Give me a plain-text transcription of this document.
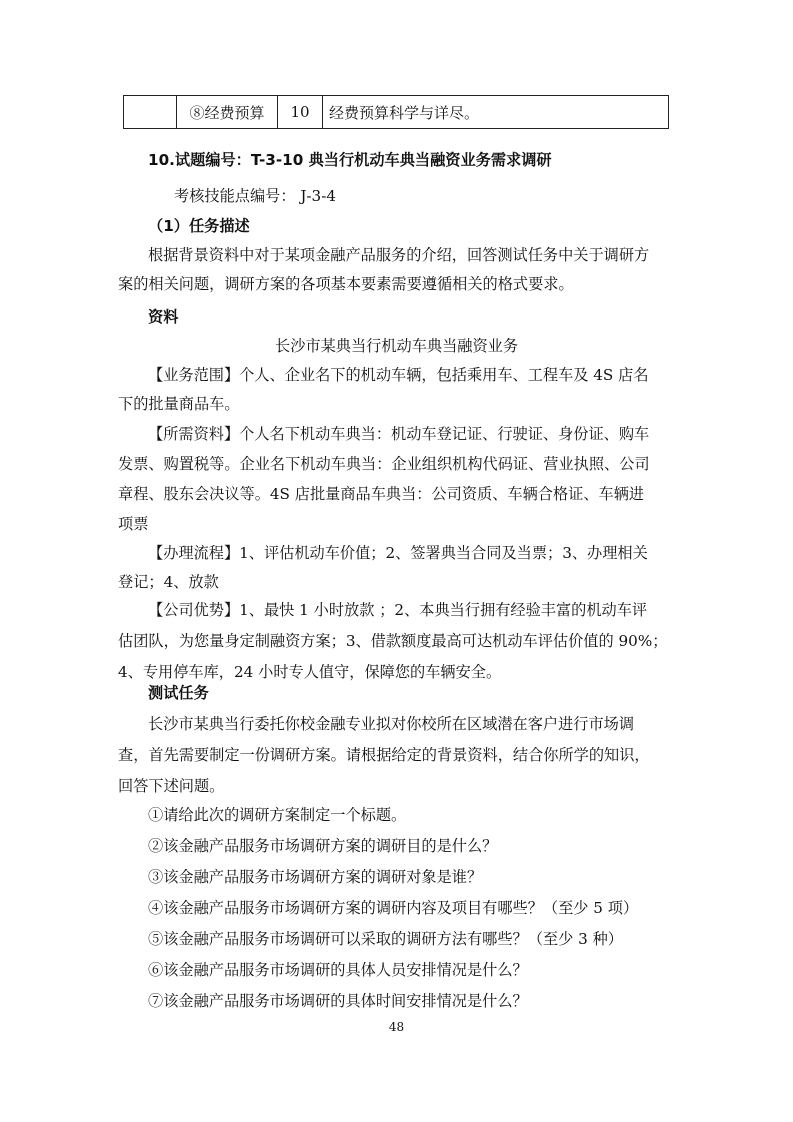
	⑧经费预算	10	经费预算科学与详尽。
10.试题编号：T-3-10 典当行机动车典当融资业务需求调研
考核技能点编号： J-3-4
（1）任务描述
根据背景资料中对于某项金融产品服务的介绍，回答测试任务中关于调研方
案的相关问题，调研方案的各项基本要素需要遵循相关的格式要求。
资料
长沙市某典当行机动车典当融资业务
【业务范围】个人、企业名下的机动车辆，包括乘用车、工程车及 4S 店名
下的批量商品车。
【所需资料】个人名下机动车典当：机动车登记证、行驶证、身份证、购车
发票、购置税等。企业名下机动车典当：企业组织机构代码证、营业执照、公司
章程、股东会决议等。4S 店批量商品车典当：公司资质、车辆合格证、车辆进
项票
【办理流程】1、评估机动车价值；2、签署典当合同及当票；3、办理相关
登记；4、放款
【公司优势】1、最快 1 小时放款 ；2、本典当行拥有经验丰富的机动车评
估团队，为您量身定制融资方案；3、借款额度最高可达机动车评估价值的 90%；
4、专用停车库，24 小时专人值守，保障您的车辆安全。
测试任务
长沙市某典当行委托你校金融专业拟对你校所在区域潜在客户进行市场调
查，首先需要制定一份调研方案。请根据给定的背景资料，结合你所学的知识，
回答下述问题。
①请给此次的调研方案制定一个标题。
②该金融产品服务市场调研方案的调研目的是什么？
③该金融产品服务市场调研方案的调研对象是谁？
④该金融产品服务市场调研方案的调研内容及项目有哪些？（至少 5 项）
⑤该金融产品服务市场调研可以采取的调研方法有哪些？（至少 3 种）
⑥该金融产品服务市场调研的具体人员安排情况是什么？
48
⑦该金融产品服务市场调研的具体时间安排情况是什么？
